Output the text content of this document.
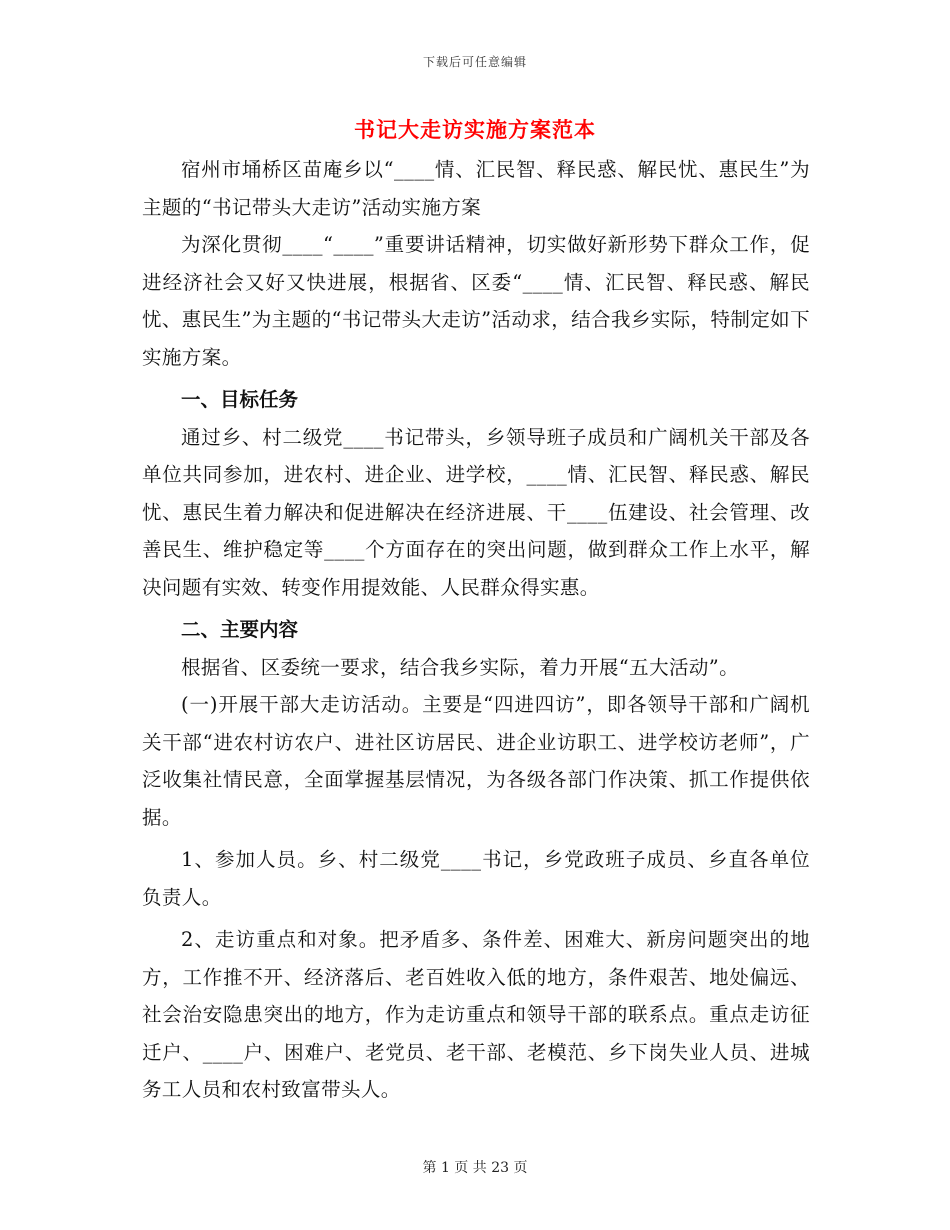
下载后可任意编辑
书记大走访实施方案范本

宿州市埇桥区苗庵乡以“____情、汇民智、释民惑、解民忧、惠民生”为主题的“书记带头大走访”活动实施方案

为深化贯彻____“____”重要讲话精神，切实做好新形势下群众工作，促进经济社会又好又快进展，根据省、区委“____情、汇民智、释民惑、解民忧、惠民生”为主题的“书记带头大走访”活动求，结合我乡实际，特制定如下实施方案。

一、目标任务

通过乡、村二级党____书记带头，乡领导班子成员和广阔机关干部及各单位共同参加，进农村、进企业、进学校，____情、汇民智、释民惑、解民忧、惠民生着力解决和促进解决在经济进展、干____伍建设、社会管理、改善民生、维护稳定等____个方面存在的突出问题，做到群众工作上水平，解决问题有实效、转变作用提效能、人民群众得实惠。

二、主要内容

根据省、区委统一要求，结合我乡实际，着力开展“五大活动”。

(一)开展干部大走访活动。主要是“四进四访”，即各领导干部和广阔机关干部“进农村访农户、进社区访居民、进企业访职工、进学校访老师”，广泛收集社情民意，全面掌握基层情况，为各级各部门作决策、抓工作提供依据。

1、参加人员。乡、村二级党____书记，乡党政班子成员、乡直各单位负责人。

2、走访重点和对象。把矛盾多、条件差、困难大、新房问题突出的地方，工作推不开、经济落后、老百姓收入低的地方，条件艰苦、地处偏远、社会治安隐患突出的地方，作为走访重点和领导干部的联系点。重点走访征迁户、____户、困难户、老党员、老干部、老模范、乡下岗失业人员、进城务工人员和农村致富带头人。

第 1 页 共 23 页
